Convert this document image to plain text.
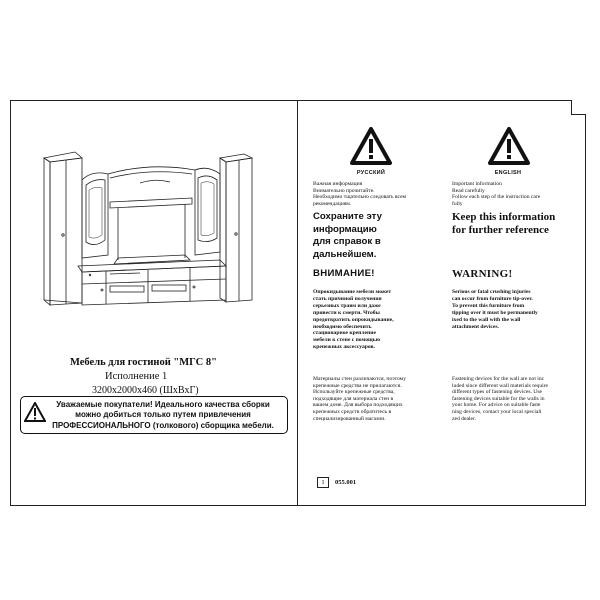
Мебель для гостиной "МГС 8"
Исполнение 1
3200х2000х460 (ШхВхГ)
Уважаемые покупатели! Идеального качества сборки
можно добиться только путем привлечения
ПРОФЕССИОНАЛЬНОГО (толкового) сборщика мебели.
РУССКИЙ
Важная информация
Внимательно прочитайте.
Необходимо тщательно следовать всем
рекомендациям.
Сохраните эту
информацию
для справок в
дальнейшем.
ВНИМАНИЕ!
Опрокидывание мебели может
стать причиной получения
серьезных травм или даже
привести к смерти. Чтобы
предотвратить опрокидывание,
необходимо обеспечить
стационарное крепление
мебели к стене с помощью
крепежных аксессуаров.
Материалы стен различаются, поэтому
крепежные средства не прилагаются.
Используйте крепежные средства,
подходящие для материала стен в
вашем доме. Для выбора подходящих
крепежных средств обратитесь в
специализированный магазин.
ENGLISH
Important information
Read carefully
Follow each step of the instruction care
fully
Keep this information
for further reference
WARNING!
Serious or fatal crushing injuries
can occur from furniture tip-over.
To prevent this furniture from
tipping over it must be permanently
ixed to the wall with the wall
attachment devices.
Fastening devices for the wall are not inc
luded since different wall materials require
different types of fastening devices. Use
fastening devices suitable for the walls in
your home. For advice on suitable faste
ning devices, contact your local speciali
zed dealer.
1	055.001
